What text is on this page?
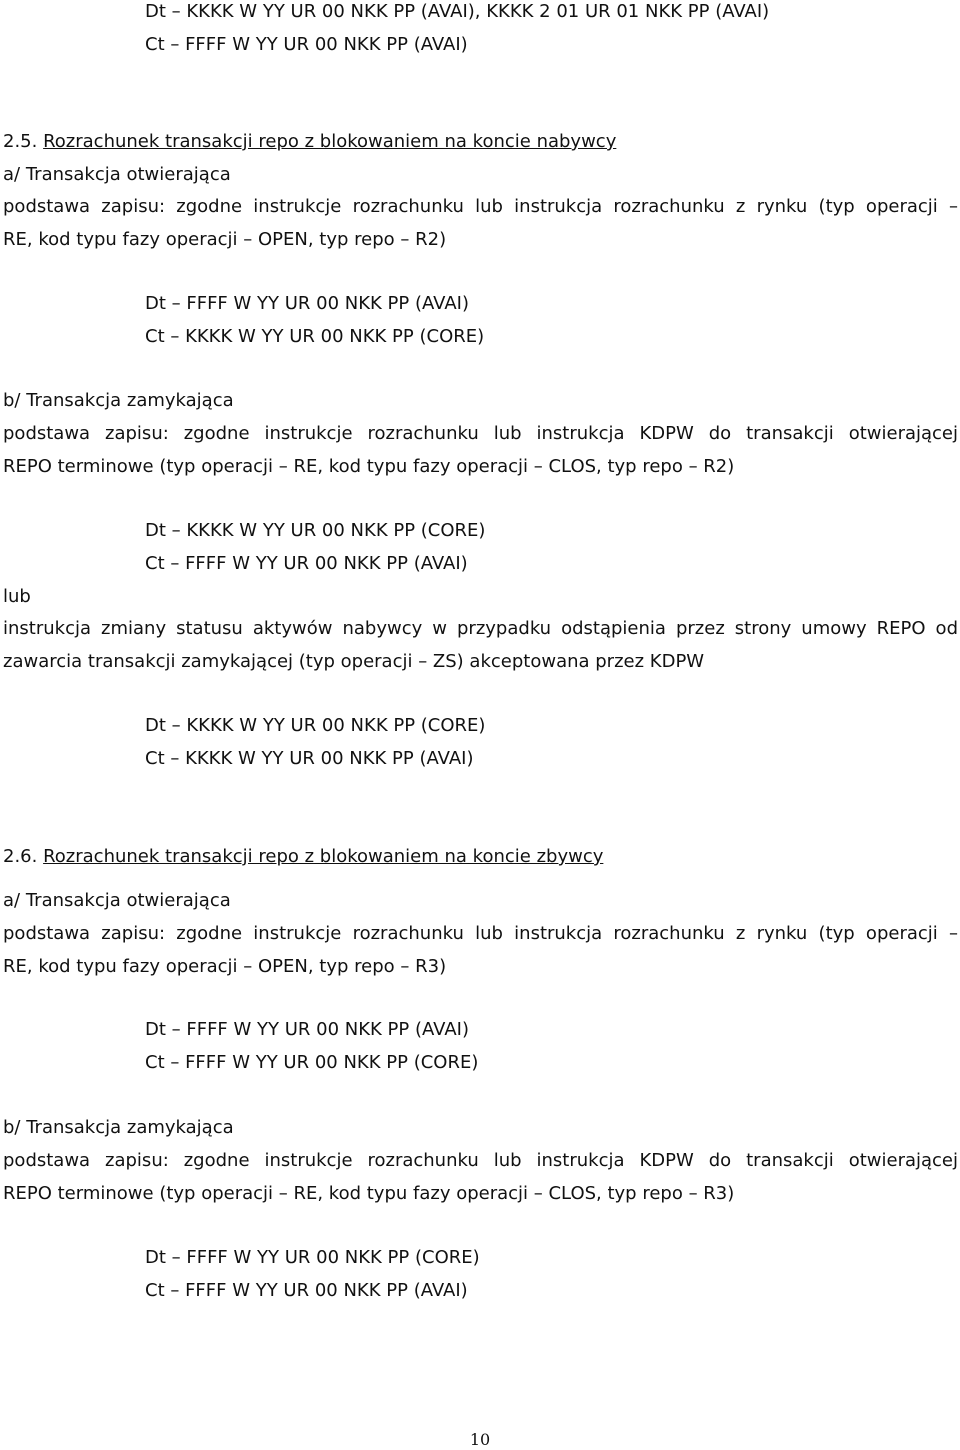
Dt – KKKK W YY UR 00 NKK PP (AVAI), KKKK 2 01 UR 01 NKK PP (AVAI)
Ct – FFFF W YY UR 00 NKK PP (AVAI)
2.5. Rozrachunek transakcji repo z blokowaniem na koncie nabywcy
a/ Transakcja otwierająca
podstawa zapisu: zgodne instrukcje rozrachunku lub instrukcja rozrachunku z rynku (typ operacji –
RE, kod typu fazy operacji – OPEN, typ repo – R2)
Dt – FFFF W YY UR 00 NKK PP (AVAI)
Ct – KKKK W YY UR 00 NKK PP (CORE)
b/ Transakcja zamykająca
podstawa zapisu: zgodne instrukcje rozrachunku lub instrukcja KDPW do transakcji otwierającej
REPO terminowe (typ operacji – RE, kod typu fazy operacji – CLOS, typ repo – R2)
Dt – KKKK W YY UR 00 NKK PP (CORE)
Ct – FFFF W YY UR 00 NKK PP (AVAI)
lub
instrukcja zmiany statusu aktywów nabywcy w przypadku odstąpienia przez strony umowy REPO od
zawarcia transakcji zamykającej (typ operacji – ZS) akceptowana przez KDPW
Dt – KKKK W YY UR 00 NKK PP (CORE)
Ct – KKKK W YY UR 00 NKK PP (AVAI)
2.6. Rozrachunek transakcji repo z blokowaniem na koncie zbywcy
a/ Transakcja otwierająca
podstawa zapisu: zgodne instrukcje rozrachunku lub instrukcja rozrachunku z rynku (typ operacji –
RE, kod typu fazy operacji – OPEN, typ repo – R3)
Dt – FFFF W YY UR 00 NKK PP (AVAI)
Ct – FFFF W YY UR 00 NKK PP (CORE)
b/ Transakcja zamykająca
podstawa zapisu: zgodne instrukcje rozrachunku lub instrukcja KDPW do transakcji otwierającej
REPO terminowe (typ operacji – RE, kod typu fazy operacji – CLOS, typ repo – R3)
Dt – FFFF W YY UR 00 NKK PP (CORE)
Ct – FFFF W YY UR 00 NKK PP (AVAI)
10
